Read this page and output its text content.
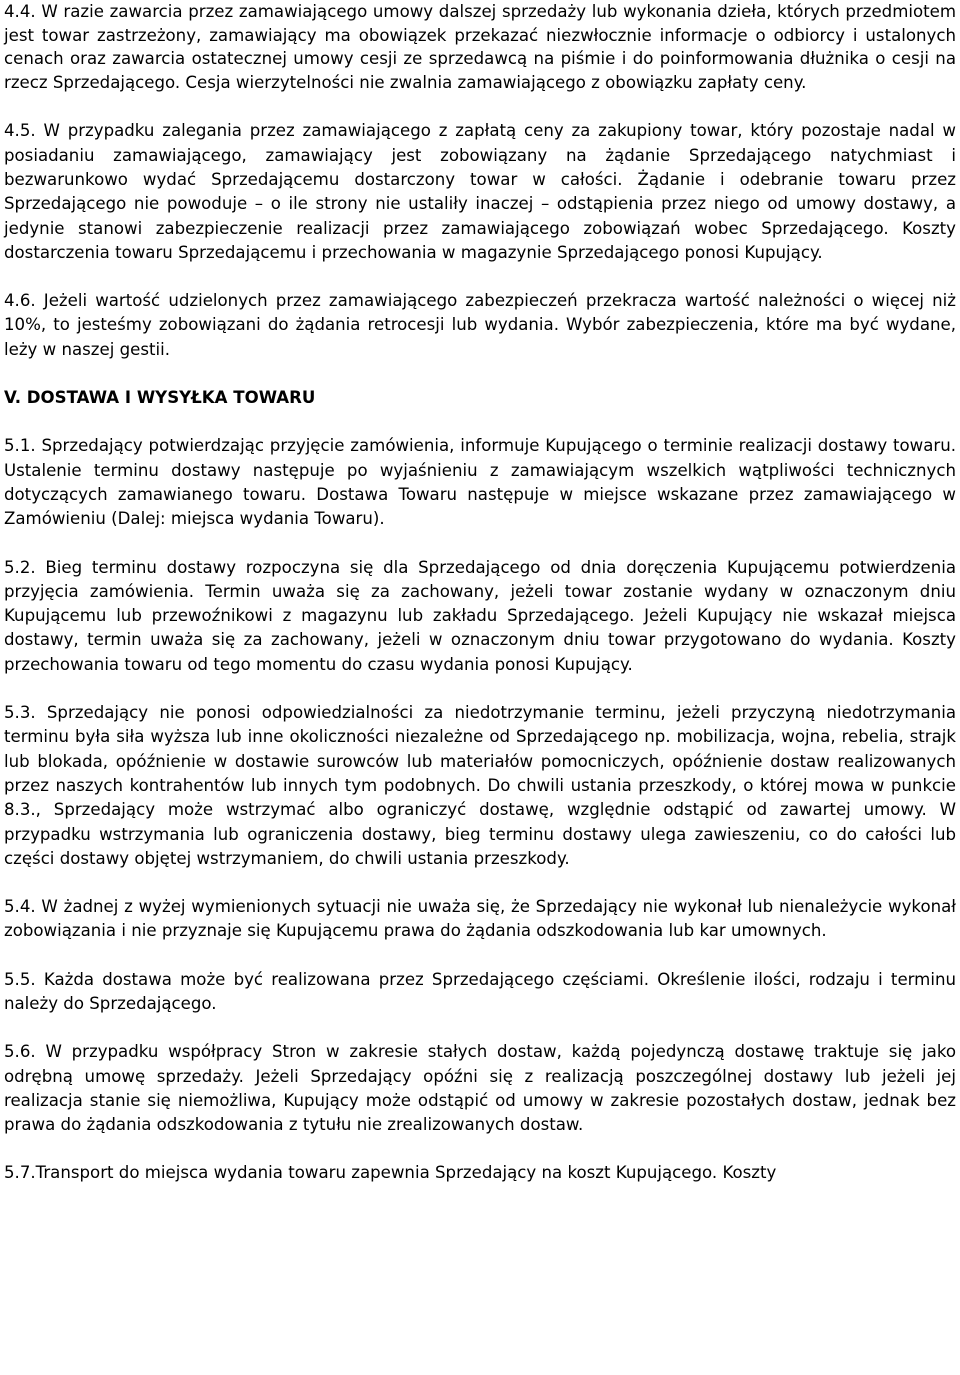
4.4. W razie zawarcia przez zamawiającego umowy dalszej sprzedaży lub wykonania dzieła, których przedmiotem jest towar zastrzeżony, zamawiający ma obowiązek przekazać niezwłocznie informacje o odbiorcy i ustalonych cenach oraz zawarcia ostatecznej umowy cesji ze sprzedawcą na piśmie i do poinformowania dłużnika o cesji na rzecz Sprzedającego. Cesja wierzytelności nie zwalnia zamawiającego z obowiązku zapłaty ceny.

4.5. W przypadku zalegania przez zamawiającego z zapłatą ceny za zakupiony towar, który pozostaje nadal w posiadaniu zamawiającego, zamawiający jest zobowiązany na żądanie Sprzedającego natychmiast i bezwarunkowo wydać Sprzedającemu dostarczony towar w całości. Żądanie i odebranie towaru przez Sprzedającego nie powoduje – o ile strony nie ustaliły inaczej – odstąpienia przez niego od umowy dostawy, a jedynie stanowi zabezpieczenie realizacji przez zamawiającego zobowiązań wobec Sprzedającego. Koszty dostarczenia towaru Sprzedającemu i przechowania w magazynie Sprzedającego ponosi Kupujący.

4.6. Jeżeli wartość udzielonych przez zamawiającego zabezpieczeń przekracza wartość należności o więcej niż 10%, to jesteśmy zobowiązani do żądania retrocesji lub wydania. Wybór zabezpieczenia, które ma być wydane, leży w naszej gestii.

V. DOSTAWA I WYSYŁKA TOWARU

5.1. Sprzedający potwierdzając przyjęcie zamówienia, informuje Kupującego o terminie realizacji dostawy towaru. Ustalenie terminu dostawy następuje po wyjaśnieniu z zamawiającym wszelkich wątpliwości technicznych dotyczących zamawianego towaru. Dostawa Towaru następuje w miejsce wskazane przez zamawiającego w Zamówieniu (Dalej: miejsca wydania Towaru).

5.2. Bieg terminu dostawy rozpoczyna się dla Sprzedającego od dnia doręczenia Kupującemu potwierdzenia przyjęcia zamówienia. Termin uważa się za zachowany, jeżeli towar zostanie wydany w oznaczonym dniu Kupującemu lub przewoźnikowi z magazynu lub zakładu Sprzedającego. Jeżeli Kupujący nie wskazał miejsca dostawy, termin uważa się za zachowany, jeżeli w oznaczonym dniu towar przygotowano do wydania. Koszty przechowania towaru od tego momentu do czasu wydania ponosi Kupujący.

5.3. Sprzedający nie ponosi odpowiedzialności za niedotrzymanie terminu, jeżeli przyczyną niedotrzymania terminu była siła wyższa lub inne okoliczności niezależne od Sprzedającego np. mobilizacja, wojna, rebelia, strajk lub blokada, opóźnienie w dostawie surowców lub materiałów pomocniczych, opóźnienie dostaw realizowanych przez naszych kontrahentów lub innych tym podobnych. Do chwili ustania przeszkody, o której mowa w punkcie 8.3., Sprzedający może wstrzymać albo ograniczyć dostawę, względnie odstąpić od zawartej umowy. W przypadku wstrzymania lub ograniczenia dostawy, bieg terminu dostawy ulega zawieszeniu, co do całości lub części dostawy objętej wstrzymaniem, do chwili ustania przeszkody.

5.4. W żadnej z wyżej wymienionych sytuacji nie uważa się, że Sprzedający nie wykonał lub nienależycie wykonał zobowiązania i nie przyznaje się Kupującemu prawa do żądania odszkodowania lub kar umownych.

5.5. Każda dostawa może być realizowana przez Sprzedającego częściami. Określenie ilości, rodzaju i terminu należy do Sprzedającego.

5.6. W przypadku współpracy Stron w zakresie stałych dostaw, każdą pojedynczą dostawę traktuje się jako odrębną umowę sprzedaży. Jeżeli Sprzedający opóźni się z realizacją poszczególnej dostawy lub jeżeli jej realizacja stanie się niemożliwa, Kupujący może odstąpić od umowy w zakresie pozostałych dostaw, jednak bez prawa do żądania odszkodowania z tytułu nie zrealizowanych dostaw.

5.7.Transport do miejsca wydania towaru zapewnia Sprzedający na koszt Kupującego. Koszty
